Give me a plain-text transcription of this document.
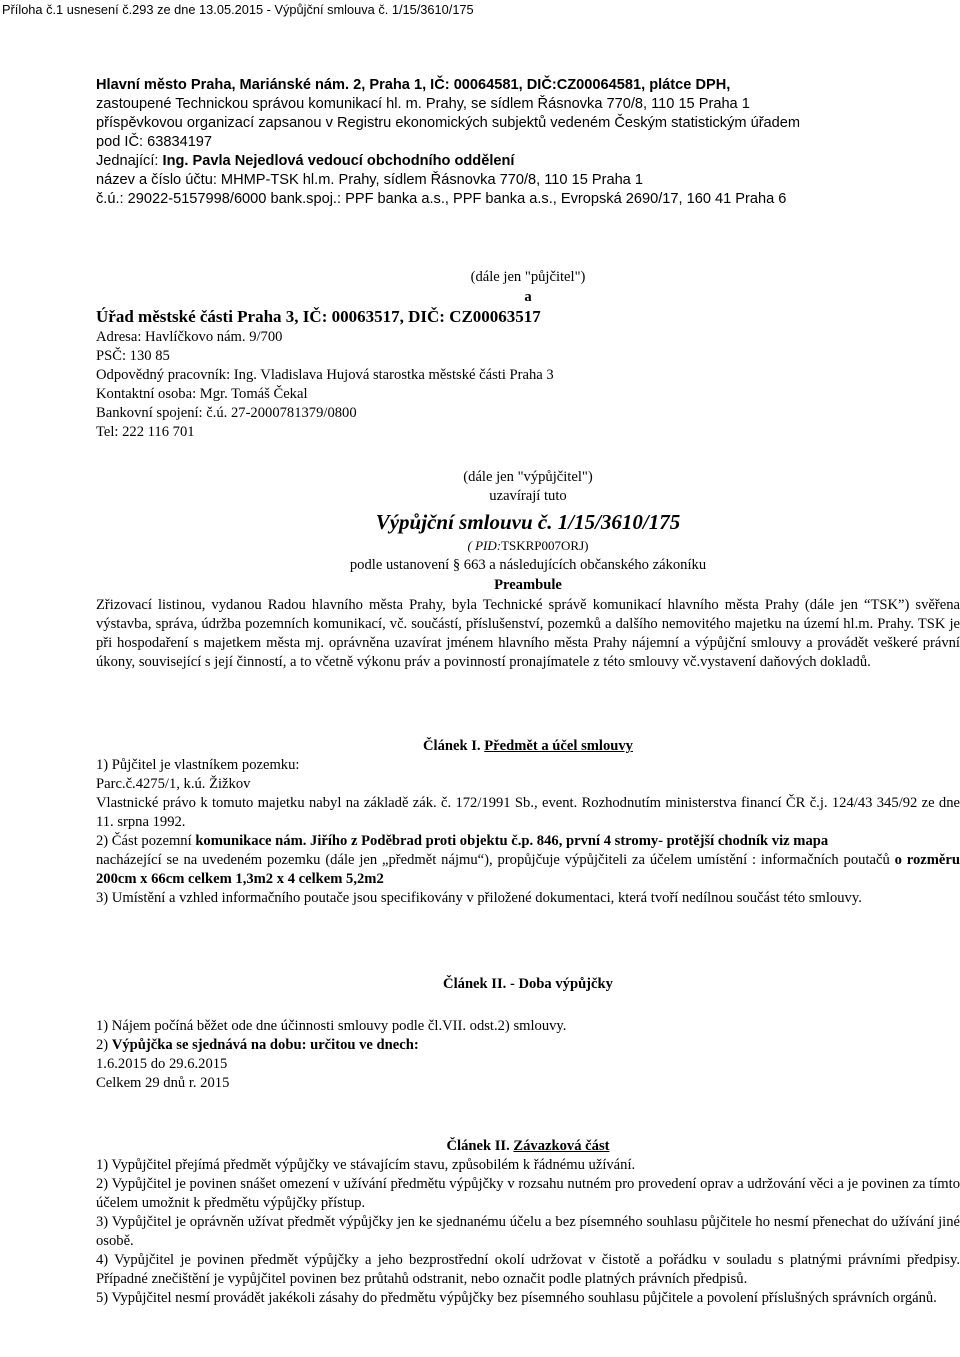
Příloha č.1 usnesení č.293 ze dne 13.05.2015 - Výpůjční smlouva č. 1/15/3610/175

Hlavní město Praha, Mariánské nám. 2, Praha 1, IČ: 00064581, DIČ:CZ00064581, plátce DPH,

zastoupené Technickou správou komunikací hl. m. Prahy, se sídlem Řásnovka 770/8, 110 15 Praha 1

příspěvkovou organizací zapsanou v Registru ekonomických subjektů vedeném Českým statistickým úřadem

pod IČ: 63834197

Jednající: Ing. Pavla Nejedlová vedoucí obchodního oddělení

název a číslo účtu: MHMP-TSK hl.m. Prahy, sídlem Řásnovka 770/8, 110 15 Praha 1

č.ú.: 29022-5157998/6000 bank.spoj.: PPF banka a.s., PPF banka a.s., Evropská 2690/17, 160 41 Praha 6

(dále jen "půjčitel")
a

Úřad městské části Praha 3, IČ: 00063517, DIČ: CZ00063517

Adresa: Havlíčkovo nám. 9/700

PSČ: 130 85

Odpovědný pracovník: Ing. Vladislava Hujová starostka městské části Praha 3

Kontaktní osoba: Mgr. Tomáš Čekal

Bankovní spojení: č.ú. 27-2000781379/0800

Tel: 222 116 701

(dále jen "výpůjčitel")
uzavírají tuto
Výpůjční smlouvu č. 1/15/3610/175
( PID:TSKRP007ORJ)
podle ustanovení § 663 a následujících občanského zákoníku
Preambule

Zřizovací listinou, vydanou Radou hlavního města Prahy, byla Technické správě komunikací hlavního města Prahy (dále jen “TSK”) svěřena výstavba, správa, údržba pozemních komunikací, vč. součástí, příslušenství, pozemků a dalšího nemovitého majetku na území hl.m. Prahy. TSK je při hospodaření s majetkem města mj. oprávněna uzavírat jménem hlavního města Prahy nájemní a výpůjční smlouvy a provádět veškeré právní úkony, související s její činností, a to včetně výkonu práv a povinností pronajímatele z této smlouvy vč.vystavení daňových dokladů.

Článek I. Předmět a účel smlouvy

1) Půjčitel je vlastníkem pozemku:

Parc.č.4275/1, k.ú. Žižkov

Vlastnické právo k tomuto majetku nabyl na základě zák. č. 172/1991 Sb., event. Rozhodnutím ministerstva financí ČR č.j. 124/43 345/92 ze dne 11. srpna 1992.

2) Část pozemní komunikace nám. Jiřího z Poděbrad proti objektu č.p. 846, první 4 stromy- protější chodník viz mapa

nacházející se na uvedeném pozemku (dále jen „předmět nájmu“), propůjčuje výpůjčiteli za účelem umístění : informačních poutačů o rozměru 200cm x 66cm celkem 1,3m2 x 4 celkem 5,2m2

3) Umístění a vzhled informačního poutače jsou specifikovány v přiložené dokumentaci, která tvoří nedílnou součást této smlouvy.

Článek II. - Doba výpůjčky

1) Nájem počíná běžet ode dne účinnosti smlouvy podle čl.VII. odst.2) smlouvy.

2) Výpůjčka se sjednává na dobu: určitou ve dnech:

1.6.2015 do 29.6.2015

Celkem 29 dnů r. 2015

Článek II. Závazková část

1) Vypůjčitel přejímá předmět výpůjčky ve stávajícím stavu, způsobilém k řádnému užívání.

2) Vypůjčitel je povinen snášet omezení v užívání předmětu výpůjčky v rozsahu nutném pro provedení oprav a udržování věci a je povinen za tímto účelem umožnit k předmětu výpůjčky přístup.

3) Vypůjčitel je oprávněn užívat předmět výpůjčky jen ke sjednanému účelu a bez písemného souhlasu půjčitele ho nesmí přenechat do užívání jiné osobě.

4) Vypůjčitel je povinen předmět výpůjčky a jeho bezprostřední okolí udržovat v čistotě a pořádku v souladu s platnými právními předpisy. Případné znečištění je vypůjčitel povinen bez průtahů odstranit, nebo označit podle platných právních předpisů.

5) Vypůjčitel nesmí provádět jakékoli zásahy do předmětu výpůjčky bez písemného souhlasu půjčitele a povolení příslušných správních orgánů.
